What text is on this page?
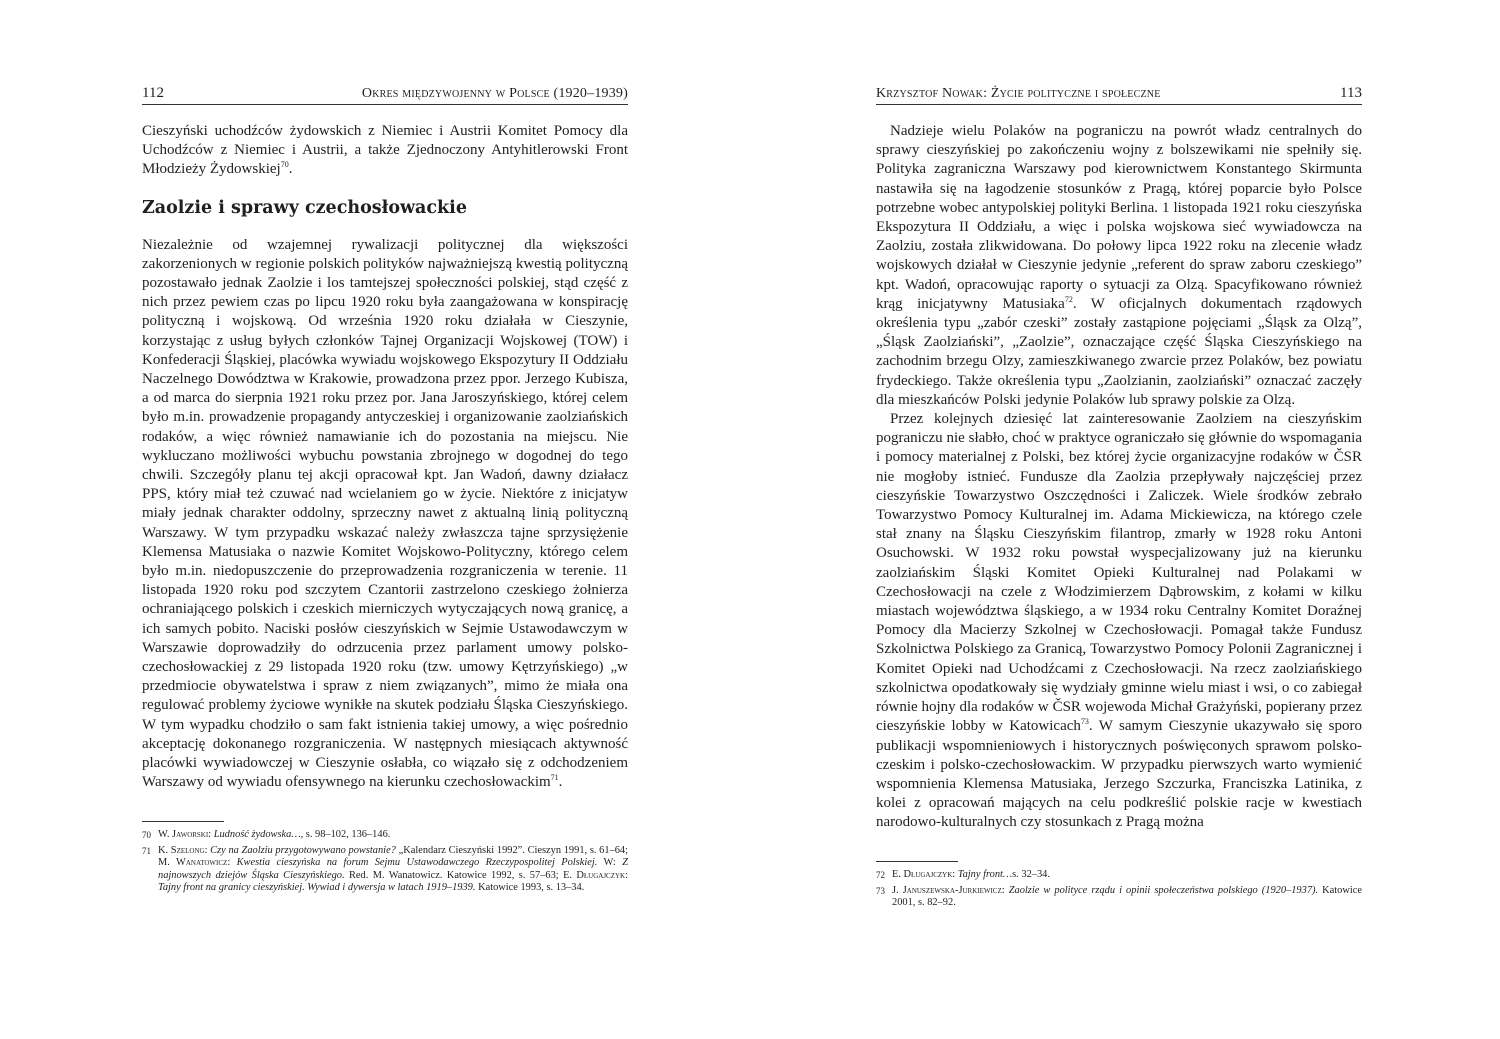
112	Okres międzywojenny w Polsce (1920–1939)

Cieszyński uchodźców żydowskich z Niemiec i Austrii Komitet Pomocy dla Uchodźców z Niemiec i Austrii, a także Zjednoczony Antyhitlerowski Front Młodzieży Żydowskiej$^{70}$.

Zaolzie i sprawy czechosłowackie

Niezależnie od wzajemnej rywalizacji politycznej dla większości zakorzenionych w regionie polskich polityków najważniejszą kwestią polityczną pozostawało jednak Zaolzie i los tamtejszej społeczności polskiej, stąd część z nich przez pewiem czas po lipcu 1920 roku była zaangażowana w konspirację polityczną i wojskową. Od września 1920 roku działała w Cieszynie, korzystając z usług byłych członków Tajnej Organizacji Wojskowej (TOW) i Konfederacji Śląskiej, placówka wywiadu wojskowego Ekspozytury II Oddziału Naczelnego Dowództwa w Krakowie, prowadzona przez ppor. Jerzego Kubisza, a od marca do sierpnia 1921 roku przez por. Jana Jaroszyńskiego, której celem było m.in. prowadzenie propagandy antyczeskiej i organizowanie zaolziańskich rodaków, a więc również namawianie ich do pozostania na miejscu. Nie wykluczano możliwości wybuchu powstania zbrojnego w dogodnej do tego chwili. Szczegóły planu tej akcji opracował kpt. Jan Wadoń, dawny działacz PPS, który miał też czuwać nad wcielaniem go w życie. Niektóre z inicjatyw miały jednak charakter oddolny, sprzeczny nawet z aktualną linią polityczną Warszawy. W tym przypadku wskazać należy zwłaszcza tajne sprzysiężenie Klemensa Matusiaka o nazwie Komitet Wojskowo-Polityczny, którego celem było m.in. niedopuszczenie do przeprowadzenia rozgraniczenia w terenie. 11 listopada 1920 roku pod szczytem Czantorii zastrzelono czeskiego żołnierza ochraniającego polskich i czeskich mierniczych wytyczających nową granicę, a ich samych pobito. Naciski posłów cieszyńskich w Sejmie Ustawodawczym w Warszawie doprowadziły do odrzucenia przez parlament umowy polsko-czechosłowackiej z 29 listopada 1920 roku (tzw. umowy Kętrzyńskiego) „w przedmiocie obywatelstwa i spraw z niem związanych”, mimo że miała ona regulować problemy życiowe wynikłe na skutek podziału Śląska Cieszyńskiego. W tym wypadku chodziło o sam fakt istnienia takiej umowy, a więc pośrednio akceptację dokonanego rozgraniczenia. W następnych miesiącach aktywność placówki wywiadowczej w Cieszynie osłabła, co wiązało się z odchodzeniem Warszawy od wywiadu ofensywnego na kierunku czechosłowackim$^{71}$.

70 W. Jaworski: Ludność żydowska…, s. 98–102, 136–146.
71 K. Szelong: Czy na Zaolziu przygotowywano powstanie? „Kalendarz Cieszyński 1992”. Cieszyn 1991, s. 61–64; M. Wanatowicz: Kwestia cieszyńska na forum Sejmu Ustawodawczego Rzeczypospolitej Polskiej. W: Z najnowszych dziejów Śląska Cieszyńskiego. Red. M. Wanatowicz. Katowice 1992, s. 57–63; E. Długajczyk: Tajny front na granicy cieszyńskiej. Wywiad i dywersja w latach 1919–1939. Katowice 1993, s. 13–34.
Krzysztof Nowak: Życie polityczne i społeczne	113

Nadzieje wielu Polaków na pograniczu na powrót władz centralnych do sprawy cieszyńskiej po zakończeniu wojny z bolszewikami nie spełniły się. Polityka zagraniczna Warszawy pod kierownictwem Konstantego Skirmunta nastawiła się na łagodzenie stosunków z Pragą, której poparcie było Polsce potrzebne wobec antypolskiej polityki Berlina. 1 listopada 1921 roku cieszyńska Ekspozytura II Oddziału, a więc i polska wojskowa sieć wywiadowcza na Zaolziu, została zlikwidowana. Do połowy lipca 1922 roku na zlecenie władz wojskowych działał w Cieszynie jedynie „referent do spraw zaboru czeskiego” kpt. Wadoń, opracowując raporty o sytuacji za Olzą. Spacyfikowano również krąg inicjatywny Matusiaka$^{72}$. W oficjalnych dokumentach rządowych określenia typu „zabór czeski” zostały zastąpione pojęciami „Śląsk za Olzą”, „Śląsk Zaolziański”, „Zaolzie”, oznaczające część Śląska Cieszyńskiego na zachodnim brzegu Olzy, zamieszkiwanego zwarcie przez Polaków, bez powiatu frydeckiego. Także określenia typu „Zaolzianin, zaolziański” oznaczać zaczęły dla mieszkańców Polski jedynie Polaków lub sprawy polskie za Olzą.

Przez kolejnych dziesięć lat zainteresowanie Zaolziem na cieszyńskim pograniczu nie słabło, choć w praktyce ograniczało się głównie do wspomagania i pomocy materialnej z Polski, bez której życie organizacyjne rodaków w ČSR nie mogłoby istnieć. Fundusze dla Zaolzia przepływały najczęściej przez cieszyńskie Towarzystwo Oszczędności i Zaliczek. Wiele środków zebrało Towarzystwo Pomocy Kulturalnej im. Adama Mickiewicza, na którego czele stał znany na Śląsku Cieszyńskim filantrop, zmarły w 1928 roku Antoni Osuchowski. W 1932 roku powstał wyspecjalizowany już na kierunku zaolziańskim Śląski Komitet Opieki Kulturalnej nad Polakami w Czechosłowacji na czele z Włodzimierzem Dąbrowskim, z kołami w kilku miastach województwa śląskiego, a w 1934 roku Centralny Komitet Doraźnej Pomocy dla Macierzy Szkolnej w Czechosłowacji. Pomagał także Fundusz Szkolnictwa Polskiego za Granicą, Towarzystwo Pomocy Polonii Zagranicznej i Komitet Opieki nad Uchodźcami z Czechosłowacji. Na rzecz zaolziańskiego szkolnictwa opodatkowały się wydziały gminne wielu miast i wsi, o co zabiegał równie hojny dla rodaków w ČSR wojewoda Michał Grażyński, popierany przez cieszyńskie lobby w Katowicach$^{73}$. W samym Cieszynie ukazywało się sporo publikacji wspomnieniowych i historycznych poświęconych sprawom polsko-czeskim i polsko-czechosłowackim. W przypadku pierwszych warto wymienić wspomnienia Klemensa Matusiaka, Jerzego Szczurka, Franciszka Latinika, z kolei z opracowań mających na celu podkreślić polskie racje w kwestiach narodowo-kulturalnych czy stosunkach z Pragą można

72 E. Długajczyk: Tajny front…s. 32–34.
73 J. Januszewska-Jurkiewicz: Zaolzie w polityce rządu i opinii społeczeństwa polskiego (1920–1937). Katowice 2001, s. 82–92.
